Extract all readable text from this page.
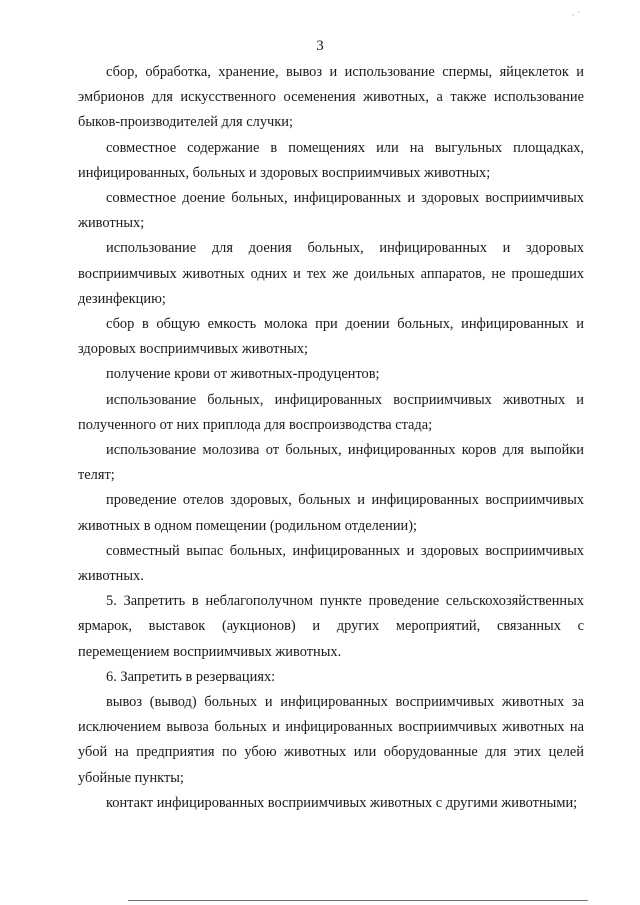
· ˊ
3

сбор, обработка, хранение, вывоз и использование спермы, яйцеклеток и эмбрионов для искусственного осеменения животных, а также использование быков-производителей для случки;

совместное содержание в помещениях или на выгульных площадках, инфицированных, больных и здоровых восприимчивых животных;

совместное доение больных, инфицированных и здоровых восприимчивых животных;

использование для доения больных, инфицированных и здоровых восприимчивых животных одних и тех же доильных аппаратов, не прошедших дезинфекцию;

сбор в общую емкость молока при доении больных, инфицированных и здоровых восприимчивых животных;

получение крови от животных-продуцентов;

использование больных, инфицированных восприимчивых животных и полученного от них приплода для воспроизводства стада;

использование молозива от больных, инфицированных коров для выпойки телят;

проведение отелов здоровых, больных и инфицированных восприимчивых животных в одном помещении (родильном отделении);

совместный выпас больных, инфицированных и здоровых восприимчивых животных.

5. Запретить в неблагополучном пункте проведение сельскохозяйственных ярмарок, выставок (аукционов) и других мероприятий, связанных с перемещением восприимчивых животных.

6. Запретить в резервациях:

вывоз (вывод) больных и инфицированных восприимчивых животных за исключением вывоза больных и инфицированных восприимчивых животных на убой на предприятия по убою животных или оборудованные для этих целей убойные пункты;

контакт инфицированных восприимчивых животных с другими животными;
